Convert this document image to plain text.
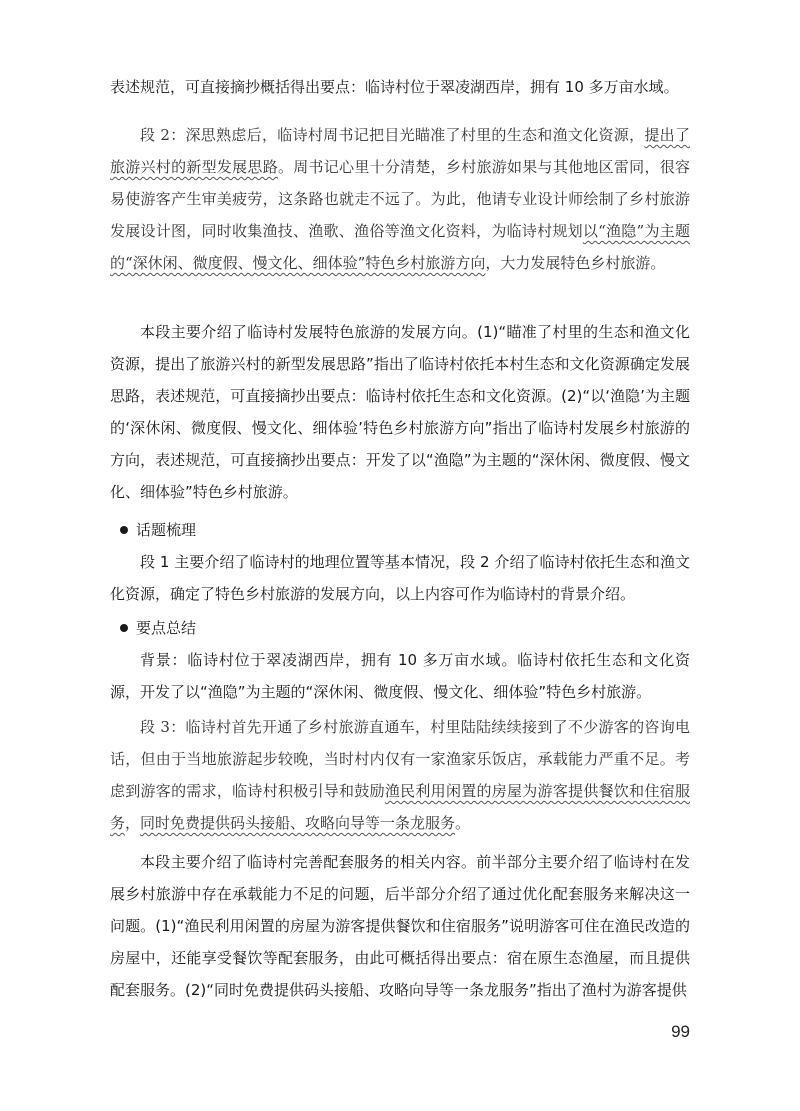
表述规范，可直接摘抄概括得出要点：临诗村位于翠凌湖西岸，拥有 10 多万亩水域。

段 2：深思熟虑后，临诗村周书记把目光瞄准了村里的生态和渔文化资源，提出了旅游兴村的新型发展思路。周书记心里十分清楚，乡村旅游如果与其他地区雷同，很容易使游客产生审美疲劳，这条路也就走不远了。为此，他请专业设计师绘制了乡村旅游发展设计图，同时收集渔技、渔歌、渔俗等渔文化资料，为临诗村规划以“渔隐”为主题的“深休闲、微度假、慢文化、细体验”特色乡村旅游方向，大力发展特色乡村旅游。

本段主要介绍了临诗村发展特色旅游的发展方向。(1)“瞄准了村里的生态和渔文化资源，提出了旅游兴村的新型发展思路”指出了临诗村依托本村生态和文化资源确定发展思路，表述规范，可直接摘抄出要点：临诗村依托生态和文化资源。(2)“以‘渔隐’为主题的‘深休闲、微度假、慢文化、细体验’特色乡村旅游方向”指出了临诗村发展乡村旅游的方向，表述规范，可直接摘抄出要点：开发了以“渔隐”为主题的“深休闲、微度假、慢文化、细体验”特色乡村旅游。

话题梳理

段 1 主要介绍了临诗村的地理位置等基本情况，段 2 介绍了临诗村依托生态和渔文化资源，确定了特色乡村旅游的发展方向，以上内容可作为临诗村的背景介绍。

要点总结

背景：临诗村位于翠凌湖西岸，拥有 10 多万亩水域。临诗村依托生态和文化资源，开发了以“渔隐”为主题的“深休闲、微度假、慢文化、细体验”特色乡村旅游。

段 3：临诗村首先开通了乡村旅游直通车，村里陆陆续续接到了不少游客的咨询电话，但由于当地旅游起步较晚，当时村内仅有一家渔家乐饭店，承载能力严重不足。考虑到游客的需求，临诗村积极引导和鼓励渔民利用闲置的房屋为游客提供餐饮和住宿服务，同时免费提供码头接船、攻略向导等一条龙服务。

本段主要介绍了临诗村完善配套服务的相关内容。前半部分主要介绍了临诗村在发展乡村旅游中存在承载能力不足的问题，后半部分介绍了通过优化配套服务来解决这一问题。(1)“渔民利用闲置的房屋为游客提供餐饮和住宿服务”说明游客可住在渔民改造的房屋中，还能享受餐饮等配套服务，由此可概括得出要点：宿在原生态渔屋，而且提供配套服务。(2)“同时免费提供码头接船、攻略向导等一条龙服务”指出了渔村为游客提供

99
